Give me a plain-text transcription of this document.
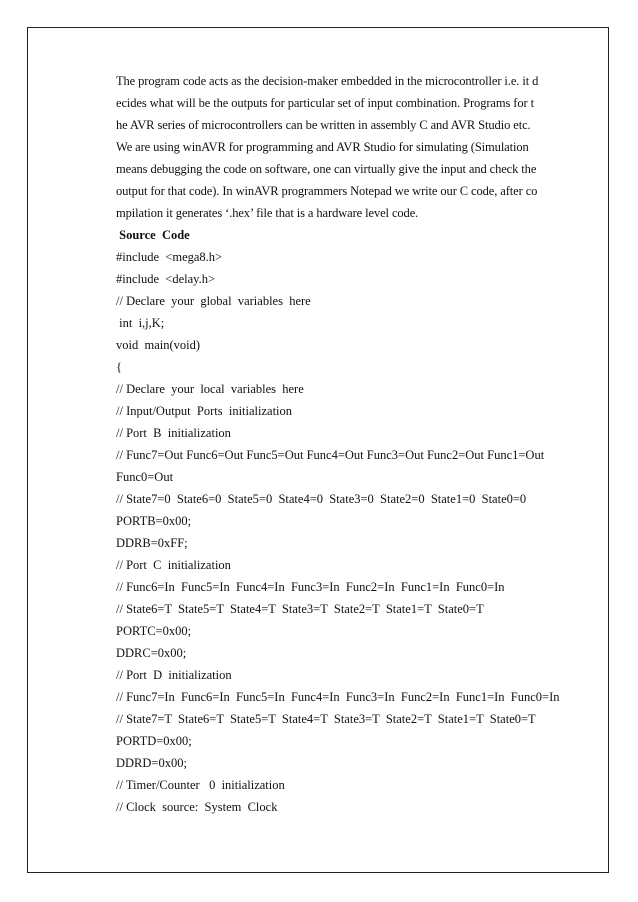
The program code acts as the decision-maker embedded in the microcontroller i.e. it d
ecides what will be the outputs for particular set of input combination. Programs for t
he AVR series of microcontrollers can be written in assembly C and AVR Studio etc.
We are using winAVR for programming and AVR Studio for simulating (Simulation
means debugging the code on software, one can virtually give the input and check the
output for that code). In winAVR programmers Notepad we write our C code, after co
mpilation it generates ‘.hex’ file that is a hardware level code.
Source  Code
#include  <mega8.h>
#include  <delay.h>
// Declare  your  global  variables  here
int  i,j,K;
void  main(void)
{
// Declare  your  local  variables  here
// Input/Output  Ports  initialization
// Port  B  initialization
// Func7=Out Func6=Out Func5=Out Func4=Out Func3=Out Func2=Out Func1=Out
Func0=Out
// State7=0  State6=0  State5=0  State4=0  State3=0  State2=0  State1=0  State0=0
PORTB=0x00;
DDRB=0xFF;
// Port  C  initialization
// Func6=In  Func5=In  Func4=In  Func3=In  Func2=In  Func1=In  Func0=In
// State6=T  State5=T  State4=T  State3=T  State2=T  State1=T  State0=T
PORTC=0x00;
DDRC=0x00;
// Port  D  initialization
// Func7=In  Func6=In  Func5=In  Func4=In  Func3=In  Func2=In  Func1=In  Func0=In
// State7=T  State6=T  State5=T  State4=T  State3=T  State2=T  State1=T  State0=T
PORTD=0x00;
DDRD=0x00;
// Timer/Counter   0  initialization
// Clock  source:  System  Clock
